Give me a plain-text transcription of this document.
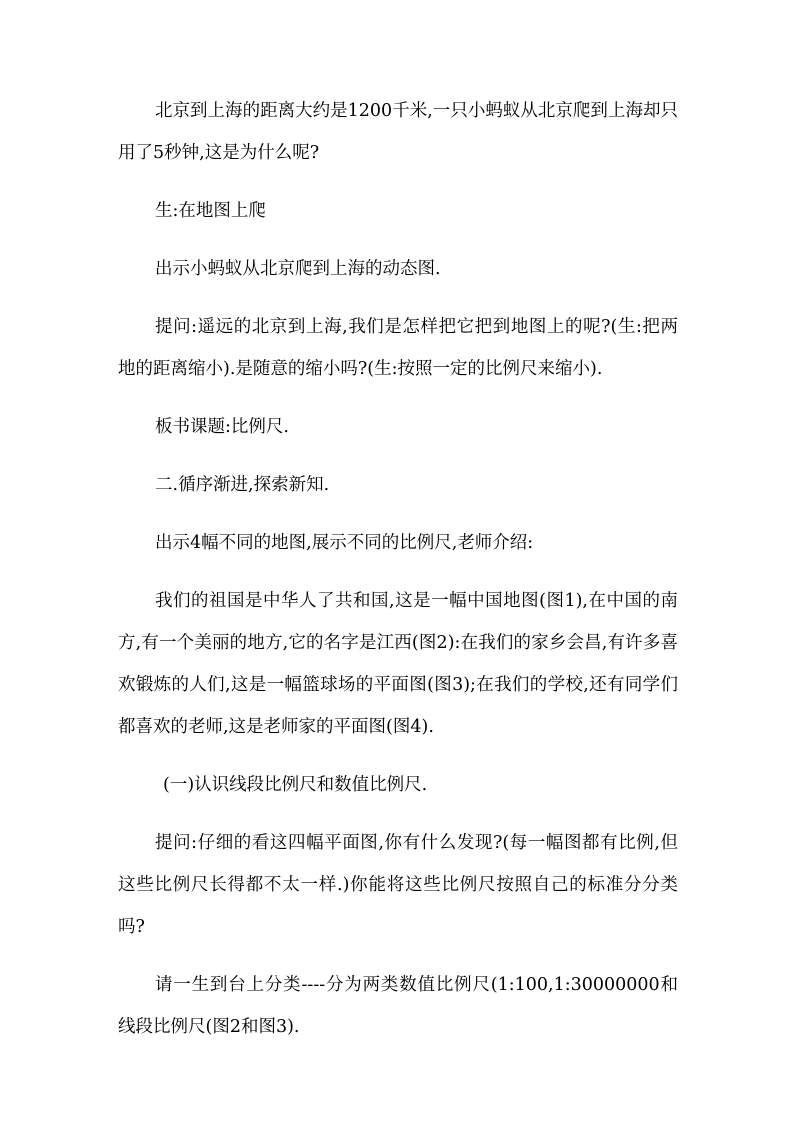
北京到上海的距离大约是1200千米,一只小蚂蚁从北京爬到上海却只用了5秒钟,这是为什么呢?

生:在地图上爬

出示小蚂蚁从北京爬到上海的动态图.

提问:遥远的北京到上海,我们是怎样把它把到地图上的呢?(生:把两地的距离缩小).是随意的缩小吗?(生:按照一定的比例尺来缩小).

板书课题:比例尺.

二.循序渐进,探索新知.

出示4幅不同的地图,展示不同的比例尺,老师介绍:

我们的祖国是中华人了共和国,这是一幅中国地图(图1),在中国的南方,有一个美丽的地方,它的名字是江西(图2):在我们的家乡会昌,有许多喜欢锻炼的人们,这是一幅篮球场的平面图(图3);在我们的学校,还有同学们都喜欢的老师,这是老师家的平面图(图4).

(一)认识线段比例尺和数值比例尺.

提问:仔细的看这四幅平面图,你有什么发现?(每一幅图都有比例,但这些比例尺长得都不太一样.)你能将这些比例尺按照自己的标准分分类吗?

请一生到台上分类----分为两类数值比例尺(1:100,1:30000000和线段比例尺(图2和图3).
